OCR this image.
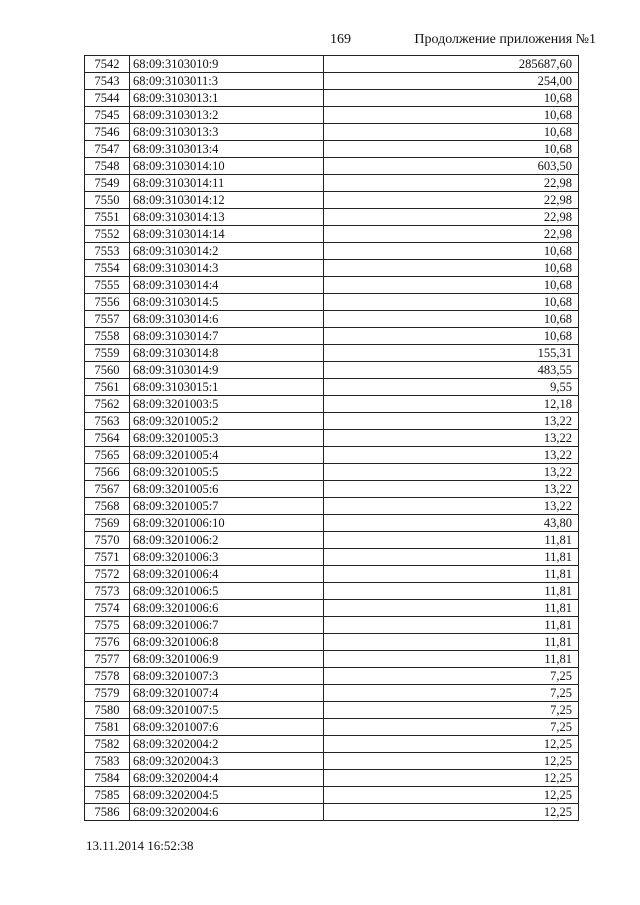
169	Продолжение приложения №1
7542	68:09:3103010:9	285687,60
7543	68:09:3103011:3	254,00
7544	68:09:3103013:1	10,68
7545	68:09:3103013:2	10,68
7546	68:09:3103013:3	10,68
7547	68:09:3103013:4	10,68
7548	68:09:3103014:10	603,50
7549	68:09:3103014:11	22,98
7550	68:09:3103014:12	22,98
7551	68:09:3103014:13	22,98
7552	68:09:3103014:14	22,98
7553	68:09:3103014:2	10,68
7554	68:09:3103014:3	10,68
7555	68:09:3103014:4	10,68
7556	68:09:3103014:5	10,68
7557	68:09:3103014:6	10,68
7558	68:09:3103014:7	10,68
7559	68:09:3103014:8	155,31
7560	68:09:3103014:9	483,55
7561	68:09:3103015:1	9,55
7562	68:09:3201003:5	12,18
7563	68:09:3201005:2	13,22
7564	68:09:3201005:3	13,22
7565	68:09:3201005:4	13,22
7566	68:09:3201005:5	13,22
7567	68:09:3201005:6	13,22
7568	68:09:3201005:7	13,22
7569	68:09:3201006:10	43,80
7570	68:09:3201006:2	11,81
7571	68:09:3201006:3	11,81
7572	68:09:3201006:4	11,81
7573	68:09:3201006:5	11,81
7574	68:09:3201006:6	11,81
7575	68:09:3201006:7	11,81
7576	68:09:3201006:8	11,81
7577	68:09:3201006:9	11,81
7578	68:09:3201007:3	7,25
7579	68:09:3201007:4	7,25
7580	68:09:3201007:5	7,25
7581	68:09:3201007:6	7,25
7582	68:09:3202004:2	12,25
7583	68:09:3202004:3	12,25
7584	68:09:3202004:4	12,25
7585	68:09:3202004:5	12,25
7586	68:09:3202004:6	12,25
13.11.2014 16:52:38
